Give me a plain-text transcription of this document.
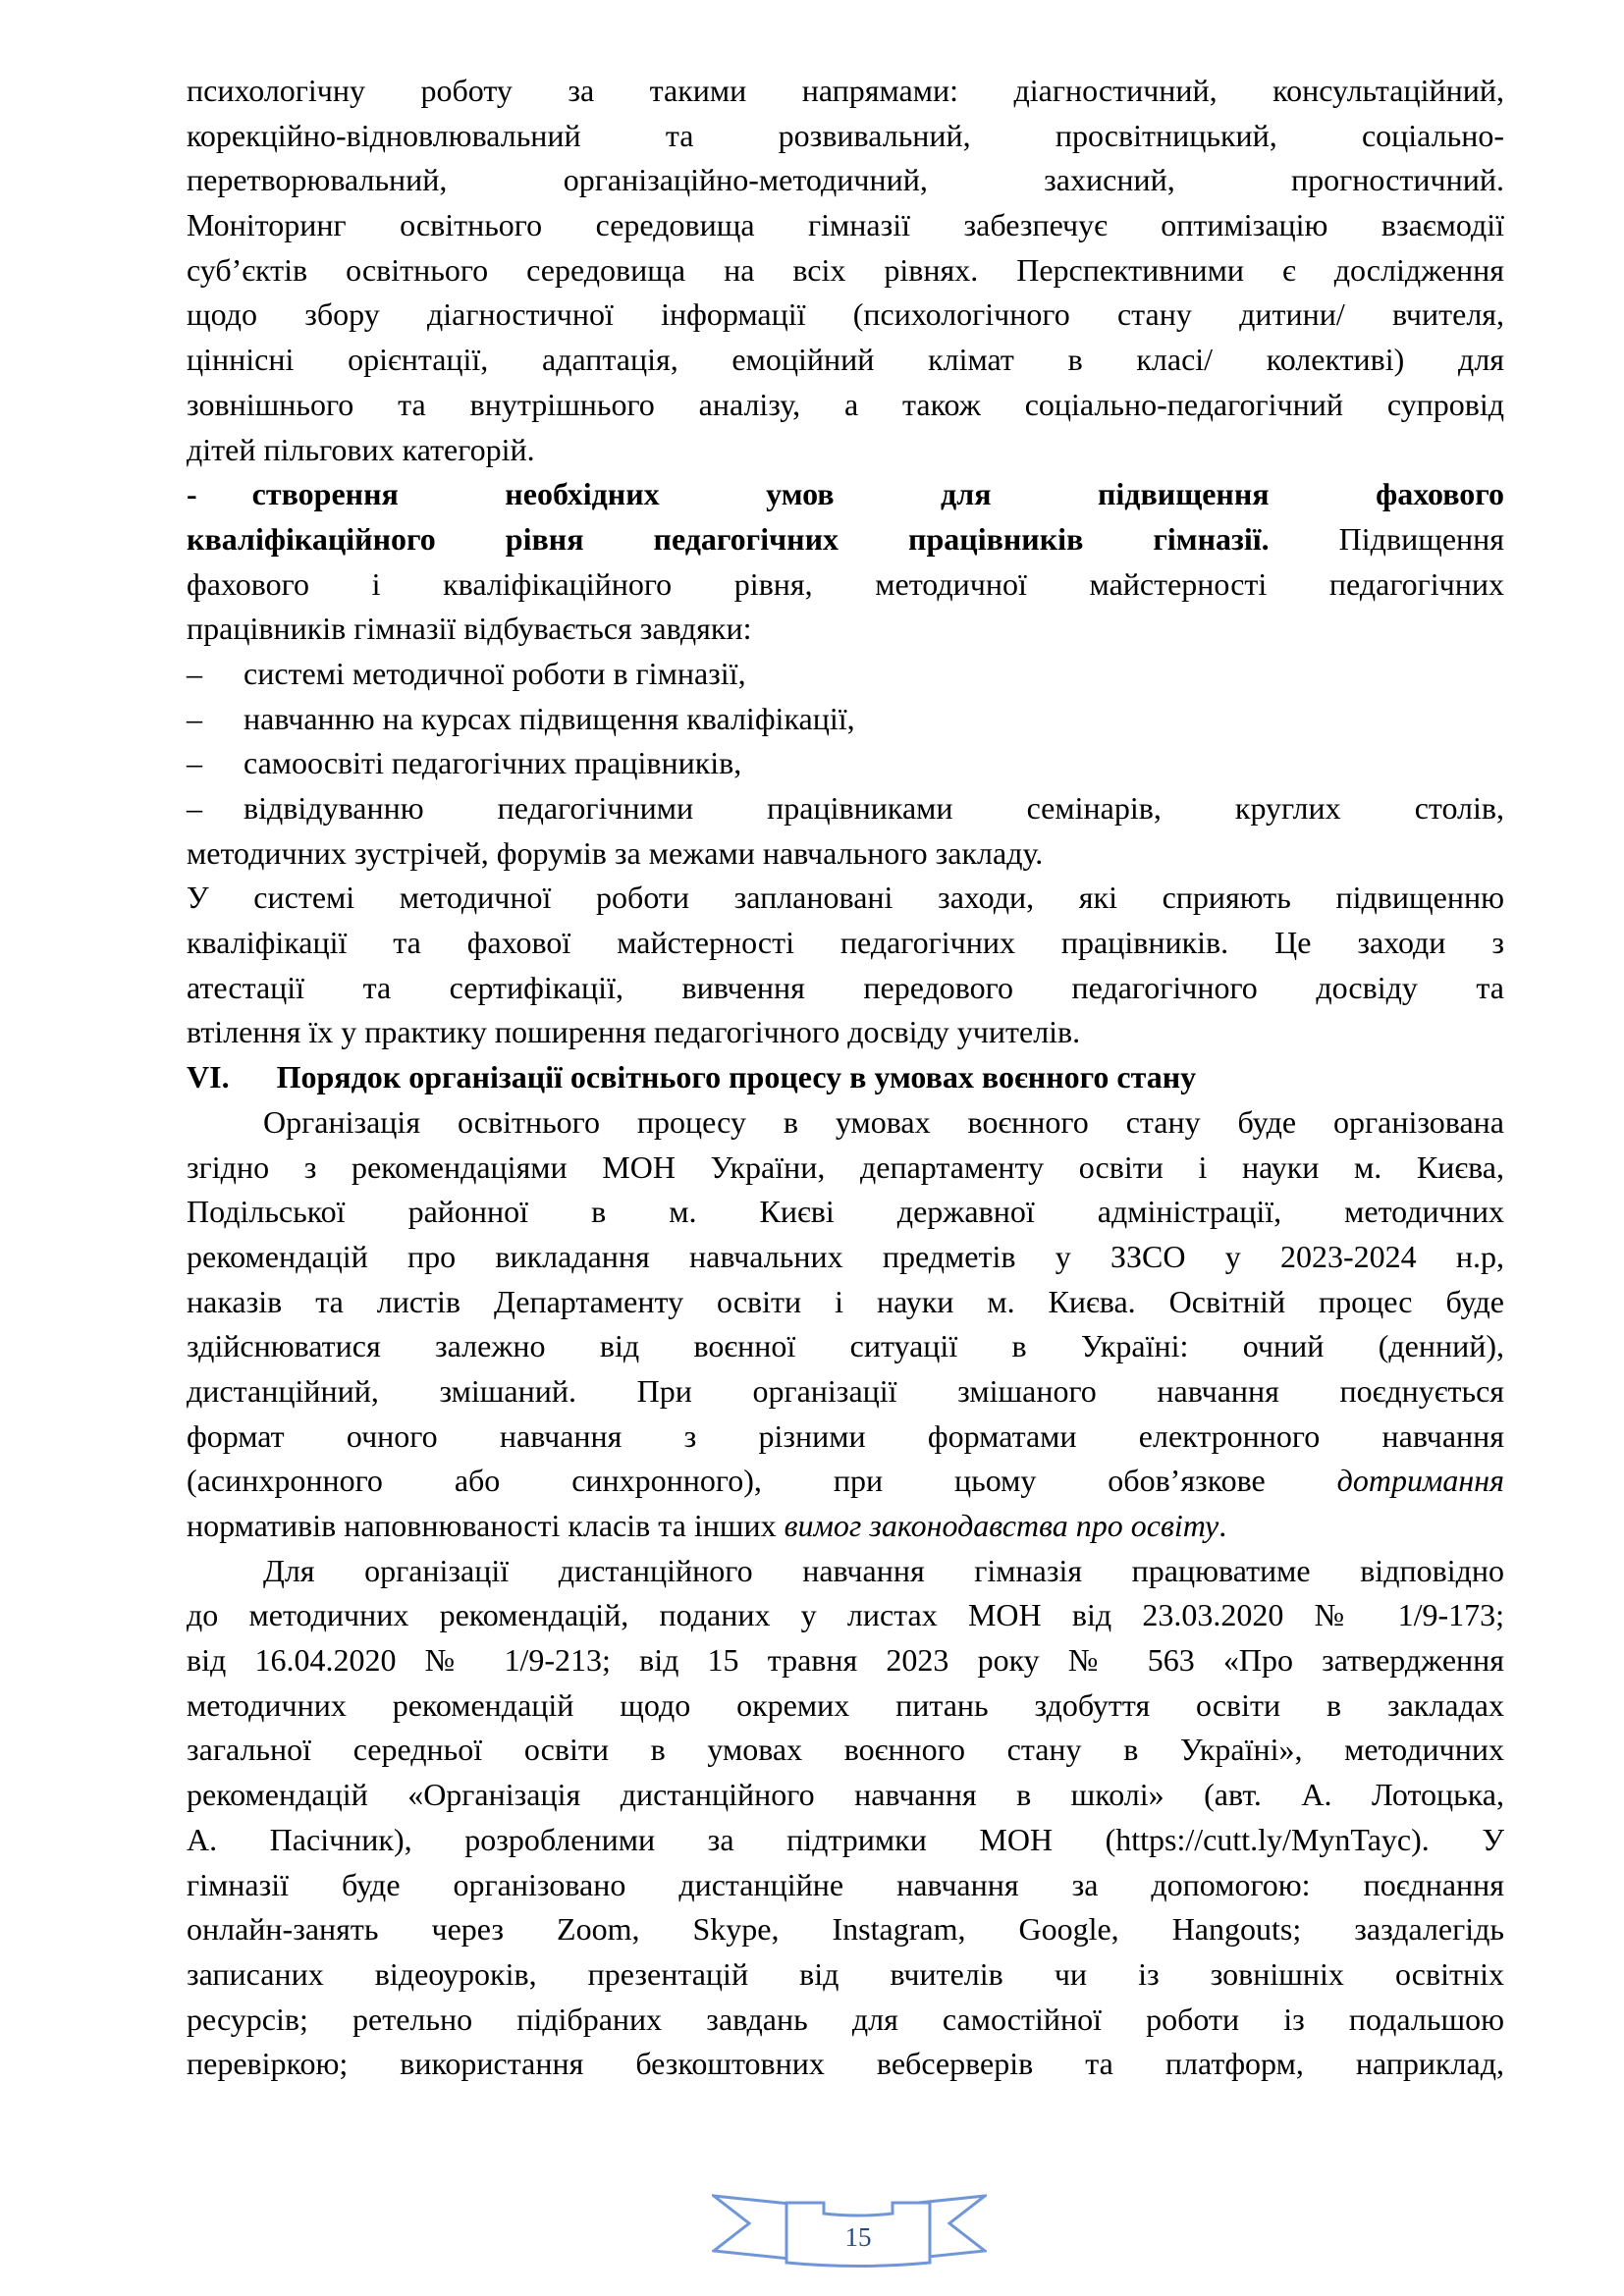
психологічну роботу за такими напрямами: діагностичний, консультаційний,
корекційно-відновлювальний та розвивальний, просвітницький, соціально-
перетворювальний, організаційно-методичний, захисний, прогностичний.
Моніторинг освітнього середовища гімназії забезпечує оптимізацію взаємодії
суб’єктів освітнього середовища на всіх рівнях. Перспективними є дослідження
щодо збору діагностичної інформації (психологічного стану дитини/ вчителя,
ціннісні орієнтації, адаптація, емоційний клімат в класі/ колективі) для
зовнішнього та внутрішнього аналізу, а також соціально-педагогічний супровід
дітей пільгових категорій.
- створення необхідних умов для підвищення фахового
кваліфікаційного рівня педагогічних працівників гімназії. Підвищення
фахового і кваліфікаційного рівня, методичної майстерності педагогічних
працівників гімназії відбувається завдяки:
– системі методичної роботи в гімназії,
– навчанню на курсах підвищення кваліфікації,
– самоосвіті педагогічних працівників,
– відвідуванню педагогічними працівниками семінарів, круглих столів,
методичних зустрічей, форумів за межами навчального закладу.
У системі методичної роботи заплановані заходи, які сприяють підвищенню
кваліфікації та фахової майстерності педагогічних працівників. Це заходи з
атестації та сертифікації, вивчення передового педагогічного досвіду та
втілення їх у практику поширення педагогічного досвіду учителів.
VI. Порядок організації освітнього процесу в умовах воєнного стану
Організація освітнього процесу в умовах воєнного стану буде організована
згідно з рекомендаціями МОН України, департаменту освіти і науки м. Києва,
Подільської районної в м. Києві державної адміністрації, методичних
рекомендацій про викладання навчальних предметів у ЗЗСО у 2023-2024 н.р,
наказів та листів Департаменту освіти і науки м. Києва. Освітній процес буде
здійснюватися залежно від воєнної ситуації в Україні: очний (денний),
дистанційний, змішаний. При організації змішаного навчання поєднується
формат очного навчання з різними форматами електронного навчання
(асинхронного або синхронного), при цьому обов’язкове дотримання
нормативів наповнюваності класів та інших вимог законодавства про освіту.
Для організації дистанційного навчання гімназія працюватиме відповідно
до методичних рекомендацій, поданих у листах МОН від 23.03.2020 № 1/9-173;
від 16.04.2020 № 1/9-213; від 15 травня 2023 року № 563 «Про затвердження
методичних рекомендацій щодо окремих питань здобуття освіти в закладах
загальної середньої освіти в умовах воєнного стану в Україні», методичних
рекомендацій «Організація дистанційного навчання в школі» (авт. А. Лотоцька,
А. Пасічник), розробленими за підтримки МОН (https://cutt.ly/MynTayc). У
гімназії буде організовано дистанційне навчання за допомогою: поєднання
онлайн-занять через Zoom, Skype, Instagram, Google, Hangouts; заздалегідь
записаних відеоуроків, презентацій від вчителів чи із зовнішніх освітніх
ресурсів; ретельно підібраних завдань для самостійної роботи із подальшою
перевіркою; використання безкоштовних вебсерверів та платформ, наприклад,
15
